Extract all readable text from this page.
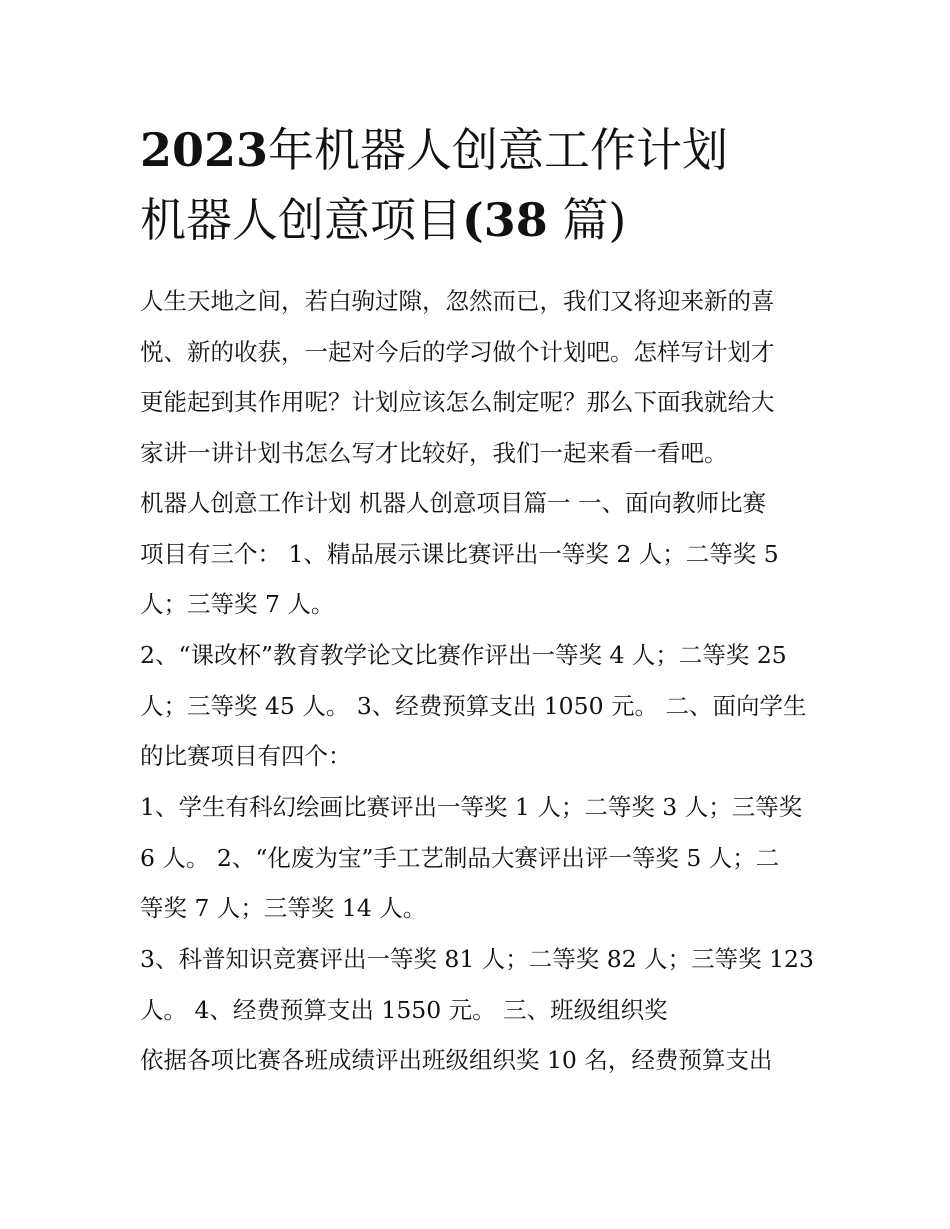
2023年机器人创意工作计划
机器人创意项目(38 篇)
人生天地之间，若白驹过隙，忽然而已，我们又将迎来新的喜
悦、新的收获，一起对今后的学习做个计划吧。怎样写计划才
更能起到其作用呢？计划应该怎么制定呢？那么下面我就给大
家讲一讲计划书怎么写才比较好，我们一起来看一看吧。
机器人创意工作计划 机器人创意项目篇一 一、面向教师比赛
项目有三个： 1、精品展示课比赛评出一等奖 2 人；二等奖 5
人；三等奖 7 人。
2、“课改杯”教育教学论文比赛作评出一等奖 4 人；二等奖 25
人；三等奖 45 人。 3、经费预算支出 1050 元。 二、面向学生
的比赛项目有四个：
1、学生有科幻绘画比赛评出一等奖 1 人；二等奖 3 人；三等奖
6 人。 2、“化废为宝”手工艺制品大赛评出评一等奖 5 人；二
等奖 7 人；三等奖 14 人。
3、科普知识竞赛评出一等奖 81 人；二等奖 82 人；三等奖 123
人。 4、经费预算支出 1550 元。 三、班级组织奖
依据各项比赛各班成绩评出班级组织奖 10 名，经费预算支出
